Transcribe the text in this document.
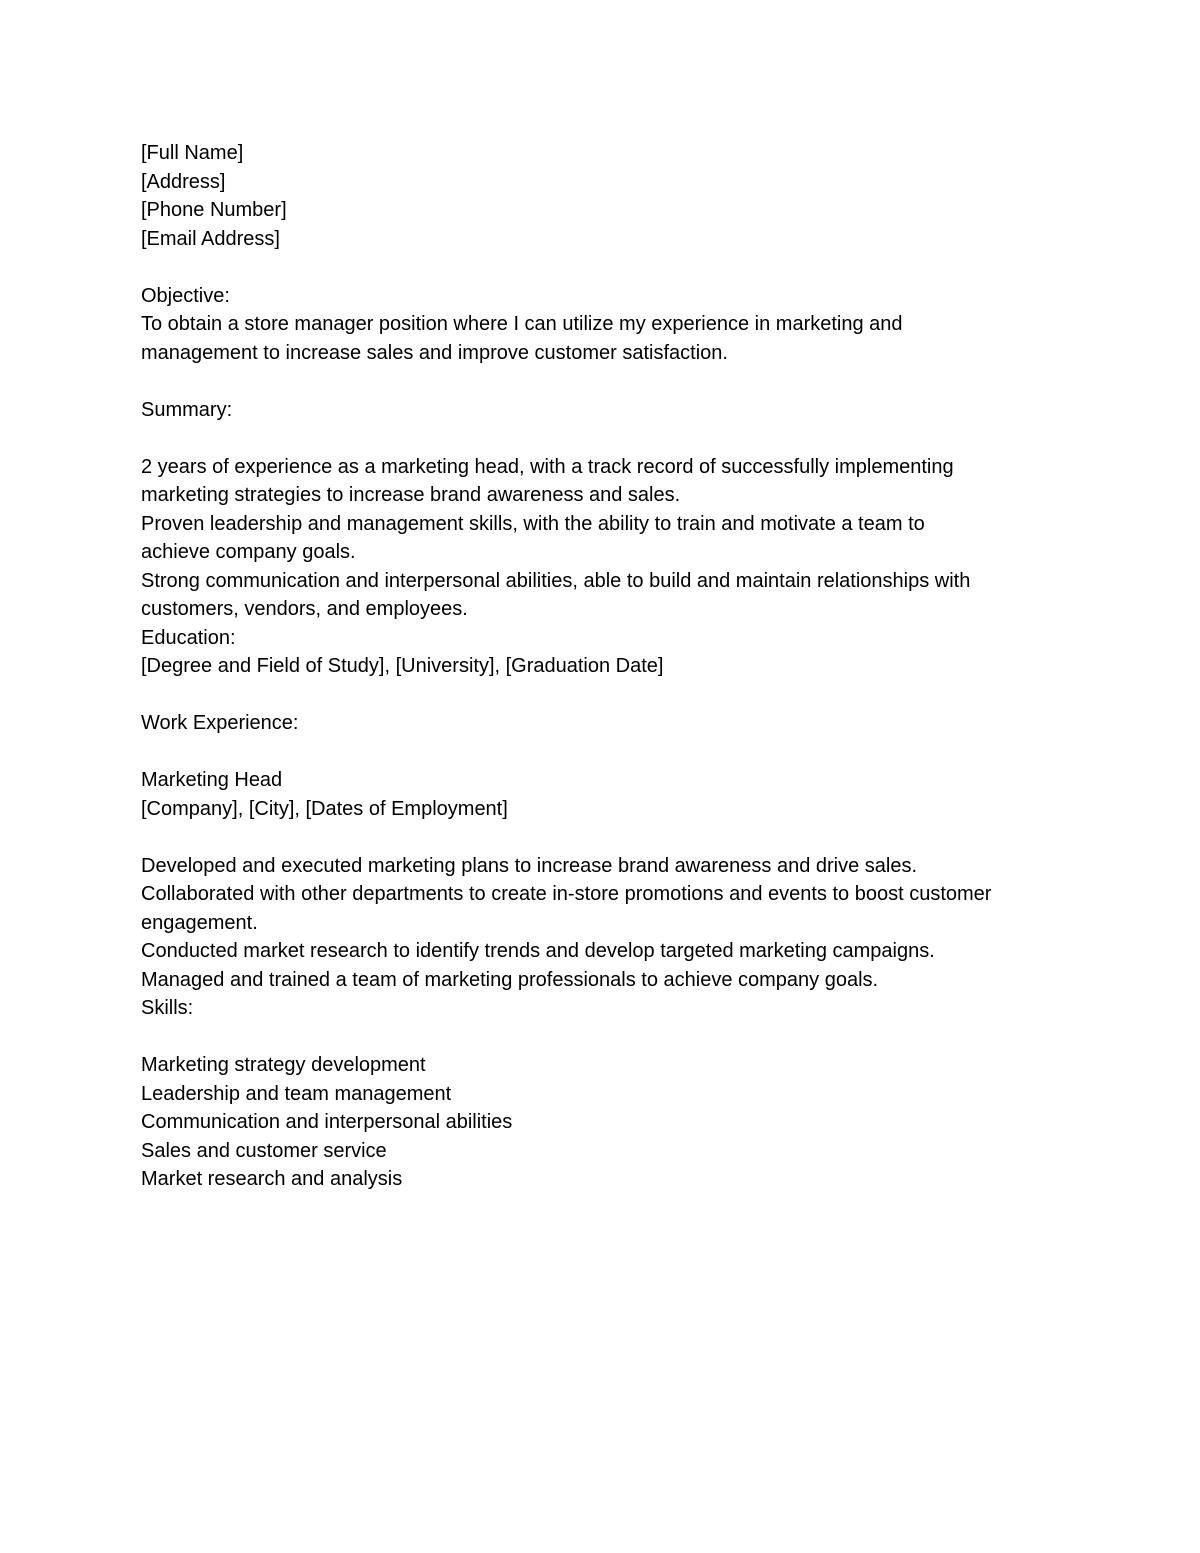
[Full Name]
[Address]
[Phone Number]
[Email Address]
Objective:
To obtain a store manager position where I can utilize my experience in marketing and
management to increase sales and improve customer satisfaction.
Summary:
2 years of experience as a marketing head, with a track record of successfully implementing
marketing strategies to increase brand awareness and sales.
Proven leadership and management skills, with the ability to train and motivate a team to
achieve company goals.
Strong communication and interpersonal abilities, able to build and maintain relationships with
customers, vendors, and employees.
Education:
[Degree and Field of Study], [University], [Graduation Date]
Work Experience:
Marketing Head
[Company], [City], [Dates of Employment]
Developed and executed marketing plans to increase brand awareness and drive sales.
Collaborated with other departments to create in-store promotions and events to boost customer
engagement.
Conducted market research to identify trends and develop targeted marketing campaigns.
Managed and trained a team of marketing professionals to achieve company goals.
Skills:
Marketing strategy development
Leadership and team management
Communication and interpersonal abilities
Sales and customer service
Market research and analysis
